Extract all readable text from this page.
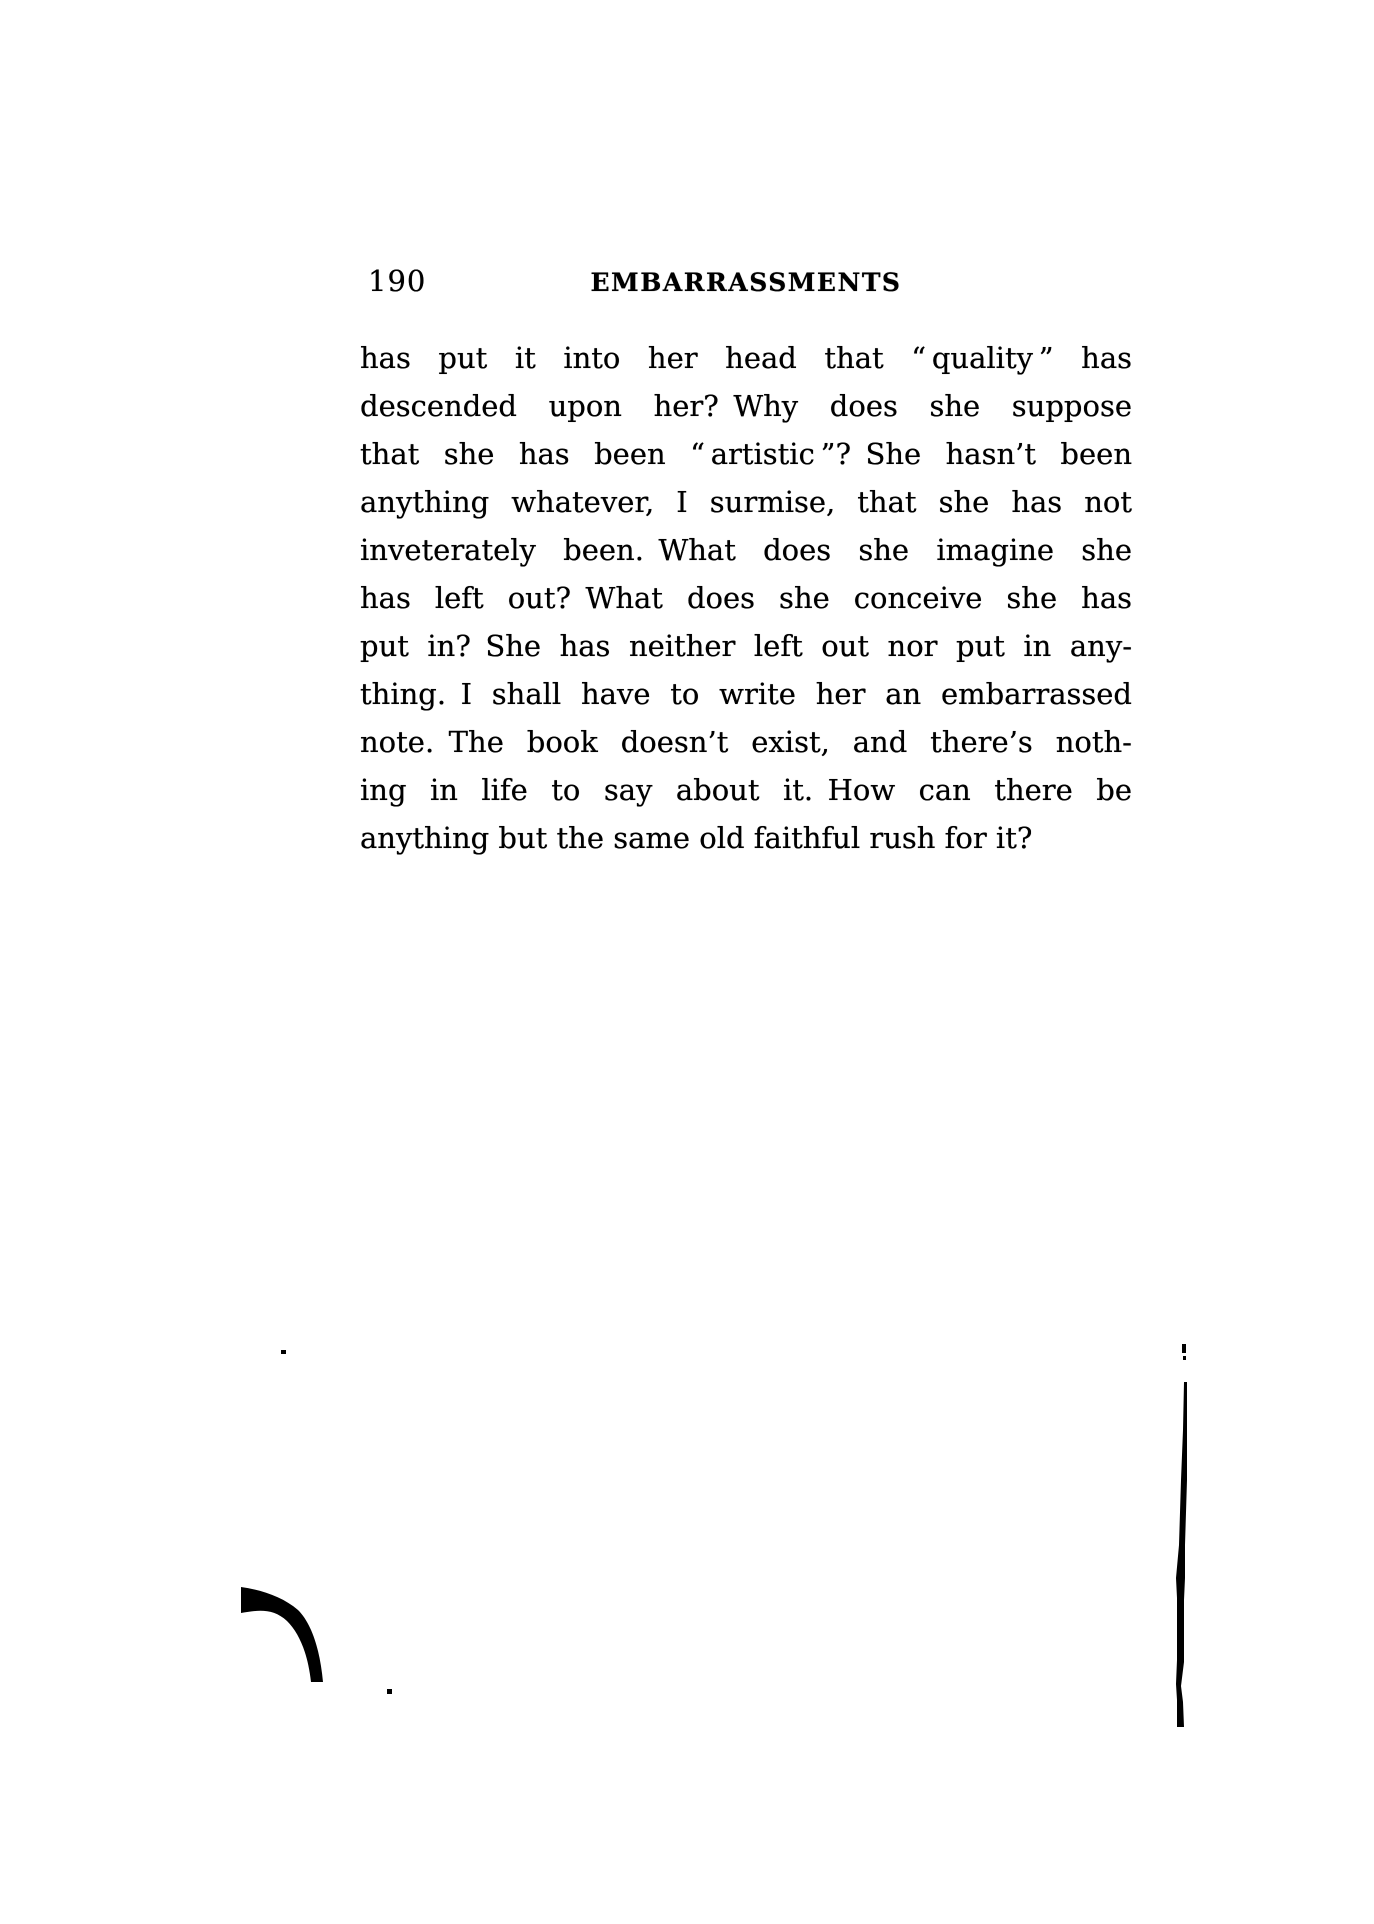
190	EMBARRASSMENTS
has put it into her head that “ quality ” has
descended upon her? Why does she suppose
that she has been “ artistic ”? She hasn’t been
anything whatever, I surmise, that she has not
inveterately been. What does she imagine she
has left out? What does she conceive she has
put in? She has neither left out nor put in any-
thing. I shall have to write her an embarrassed
note. The book doesn’t exist, and there’s noth-
ing in life to say about it. How can there be
anything but the same old faithful rush for it?
